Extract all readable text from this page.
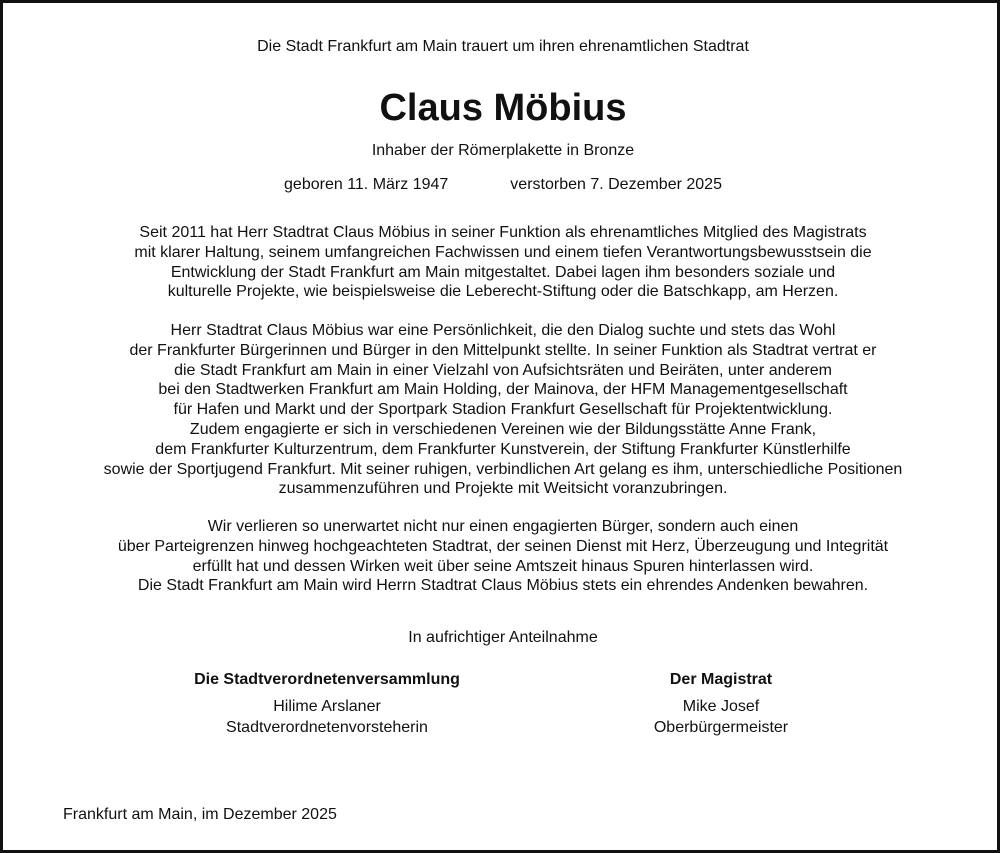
Die Stadt Frankfurt am Main trauert um ihren ehrenamtlichen Stadtrat
Claus Möbius
Inhaber der Römerplakette in Bronze
geboren 11. März 1947	verstorben 7. Dezember 2025
Seit 2011 hat Herr Stadtrat Claus Möbius in seiner Funktion als ehrenamtliches Mitglied des Magistrats
mit klarer Haltung, seinem umfangreichen Fachwissen und einem tiefen Verantwortungsbewusstsein die
Entwicklung der Stadt Frankfurt am Main mitgestaltet. Dabei lagen ihm besonders soziale und
kulturelle Projekte, wie beispielsweise die Leberecht-Stiftung oder die Batschkapp, am Herzen.
Herr Stadtrat Claus Möbius war eine Persönlichkeit, die den Dialog suchte und stets das Wohl
der Frankfurter Bürgerinnen und Bürger in den Mittelpunkt stellte. In seiner Funktion als Stadtrat vertrat er
die Stadt Frankfurt am Main in einer Vielzahl von Aufsichtsräten und Beiräten, unter anderem
bei den Stadtwerken Frankfurt am Main Holding, der Mainova, der HFM Managementgesellschaft
für Hafen und Markt und der Sportpark Stadion Frankfurt Gesellschaft für Projektentwicklung.
Zudem engagierte er sich in verschiedenen Vereinen wie der Bildungsstätte Anne Frank,
dem Frankfurter Kulturzentrum, dem Frankfurter Kunstverein, der Stiftung Frankfurter Künstlerhilfe
sowie der Sportjugend Frankfurt. Mit seiner ruhigen, verbindlichen Art gelang es ihm, unterschiedliche Positionen
zusammenzuführen und Projekte mit Weitsicht voranzubringen.
Wir verlieren so unerwartet nicht nur einen engagierten Bürger, sondern auch einen
über Parteigrenzen hinweg hochgeachteten Stadtrat, der seinen Dienst mit Herz, Überzeugung und Integrität
erfüllt hat und dessen Wirken weit über seine Amtszeit hinaus Spuren hinterlassen wird.
Die Stadt Frankfurt am Main wird Herrn Stadtrat Claus Möbius stets ein ehrendes Andenken bewahren.
In aufrichtiger Anteilnahme
Die Stadtverordnetenversammlung
Hilime Arslaner
Stadtverordnetenvorsteherin
Der Magistrat
Mike Josef
Oberbürgermeister
Frankfurt am Main, im Dezember 2025
